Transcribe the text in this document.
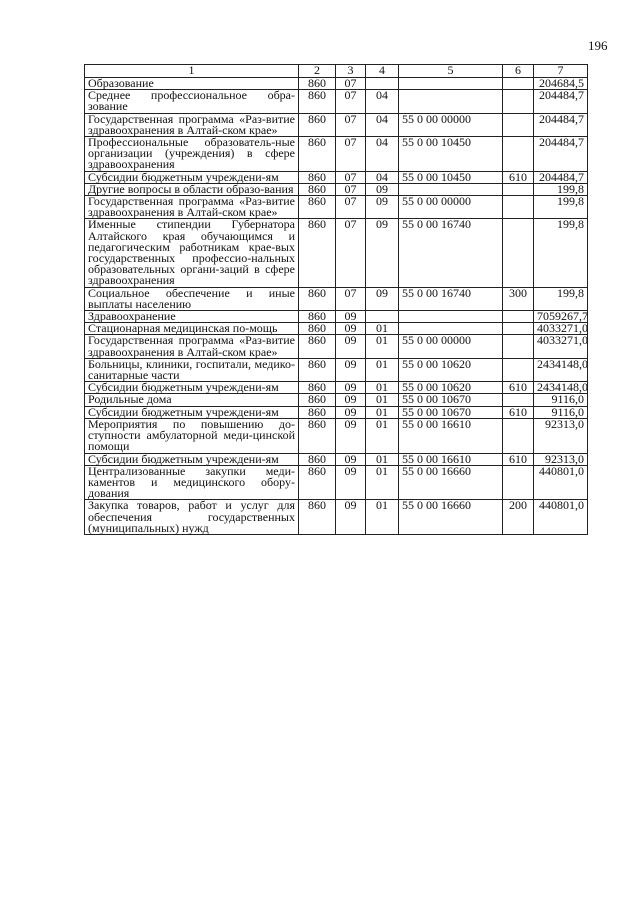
196
1	2	3	4	5	6	7
Образование	860	07				204684,5
Среднее профессиональное обра-зование	860	07	04			204484,7
Государственная программа «Раз-витие здравоохранения в Алтай-ском крае»	860	07	04	55 0 00 00000		204484,7
Профессиональные образователь-ные организации (учреждения) в сфере здравоохранения	860	07	04	55 0 00 10450		204484,7
Субсидии бюджетным учреждени-ям	860	07	04	55 0 00 10450	610	204484,7
Другие вопросы в области образо-вания	860	07	09			199,8
Государственная программа «Раз-витие здравоохранения в Алтай-ском крае»	860	07	09	55 0 00 00000		199,8
Именные стипендии Губернатора Алтайского края обучающимся и педагогическим работникам крае-вых государственных профессио-нальных образовательных органи-заций в сфере здравоохранения	860	07	09	55 0 00 16740		199,8
Социальное обеспечение и иные выплаты населению	860	07	09	55 0 00 16740	300	199,8
Здравоохранение	860	09				7059267,7
Стационарная медицинская по-мощь	860	09	01			4033271,0
Государственная программа «Раз-витие здравоохранения в Алтай-ском крае»	860	09	01	55 0 00 00000		4033271,0
Больницы, клиники, госпитали, медико-санитарные части	860	09	01	55 0 00 10620		2434148,0
Субсидии бюджетным учреждени-ям	860	09	01	55 0 00 10620	610	2434148,0
Родильные дома	860	09	01	55 0 00 10670		9116,0
Субсидии бюджетным учреждени-ям	860	09	01	55 0 00 10670	610	9116,0
Мероприятия по повышению до-ступности амбулаторной меди-цинской помощи	860	09	01	55 0 00 16610		92313,0
Субсидии бюджетным учреждени-ям	860	09	01	55 0 00 16610	610	92313,0
Централизованные закупки меди-каментов и медицинского обору-дования	860	09	01	55 0 00 16660		440801,0
Закупка товаров, работ и услуг для обеспечения государственных (муниципальных) нужд	860	09	01	55 0 00 16660	200	440801,0
